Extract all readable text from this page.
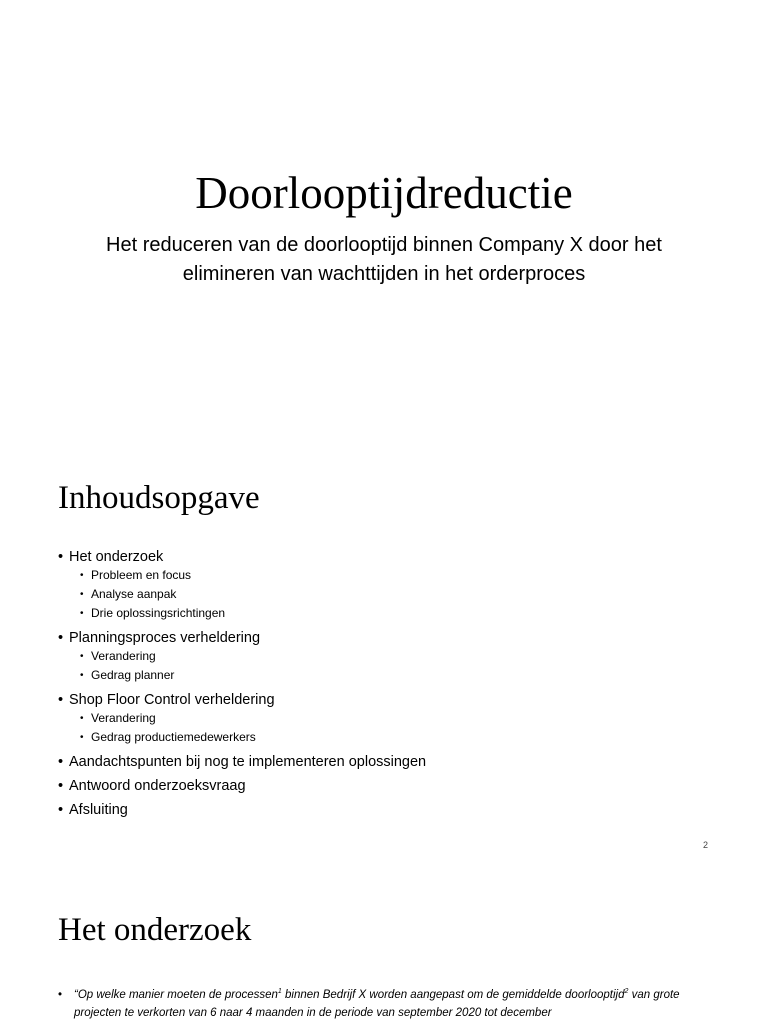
Doorlooptijdreductie
Het reduceren van de doorlooptijd binnen Company X door het elimineren van wachttijden in het orderproces
Inhoudsopgave
• Het onderzoek
• Probleem en focus
• Analyse aanpak
• Drie oplossingsrichtingen
• Planningsproces verheldering
• Verandering
• Gedrag planner
• Shop Floor Control verheldering
• Verandering
• Gedrag productiemedewerkers
• Aandachtspunten bij nog te implementeren oplossingen
• Antwoord onderzoeksvraag
• Afsluiting
2
Het onderzoek
• “Op welke manier moeten de processen$^1$ binnen Bedrijf X worden aangepast om de gemiddelde doorlooptijd$^2$ van grote projecten te verkorten van 6 naar 4 maanden in de periode van september 2020 tot december
